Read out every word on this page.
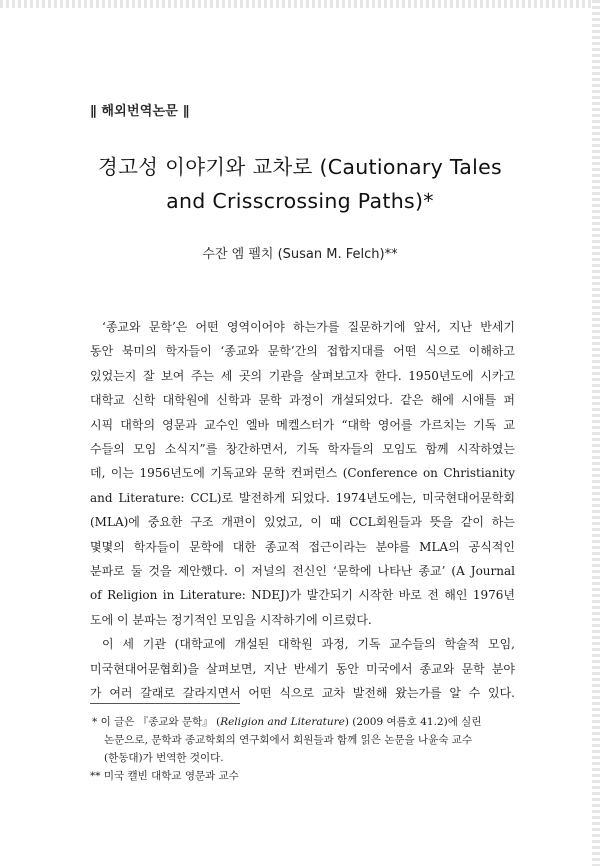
∥ 해외번역논문 ∥
경고성 이야기와 교차로 (Cautionary Tales
and Crisscrossing Paths)*
수잔 엠 펠치 (Susan M. Felch)**
‘종교와 문학’은 어떤 영역이어야 하는가를 질문하기에 앞서, 지난 반세기
동안 북미의 학자들이 ‘종교와 문학’간의 접합지대를 어떤 식으로 이해하고
있었는지 잘 보여 주는 세 곳의 기관을 살펴보고자 한다. 1950년도에 시카고
대학교 신학 대학원에 신학과 문학 과정이 개설되었다. 같은 해에 시애틀 퍼
시픽 대학의 영문과 교수인 엘바 메켈스터가 “대학 영어를 가르치는 기독 교
수들의 모임 소식지”를 창간하면서, 기독 학자들의 모임도 함께 시작하였는
데, 이는 1956년도에 기독교와 문학 컨퍼런스 (Conference on Christianity
and Literature: CCL)로 발전하게 되었다. 1974년도에는, 미국현대어문학회
(MLA)에 중요한 구조 개편이 있었고, 이 때 CCL회원들과 뜻을 같이 하는
몇몇의 학자들이 문학에 대한 종교적 접근이라는 분야를 MLA의 공식적인
분파로 둘 것을 제안했다. 이 저널의 전신인 ‘문학에 나타난 종교’ (A Journal
of Religion in Literature: NDEJ)가 발간되기 시작한 바로 전 해인 1976년
도에 이 분파는 정기적인 모임을 시작하기에 이르렀다.
이 세 기관 (대학교에 개설된 대학원 과정, 기독 교수들의 학술적 모임,
미국현대어문협회)을 살펴보면, 지난 반세기 동안 미국에서 종교와 문학 분야
가 여러 갈래로 갈라지면서 어떤 식으로 교차 발전해 왔는가를 알 수 있다.
* 이 글은 『종교와 문학』 (Religion and Literature) (2009 여름호 41.2)에 실린
논문으로, 문학과 종교학회의 연구회에서 회원들과 함께 읽은 논문을 나윤숙 교수
(한동대)가 번역한 것이다.
** 미국 캘빈 대학교 영문과 교수
